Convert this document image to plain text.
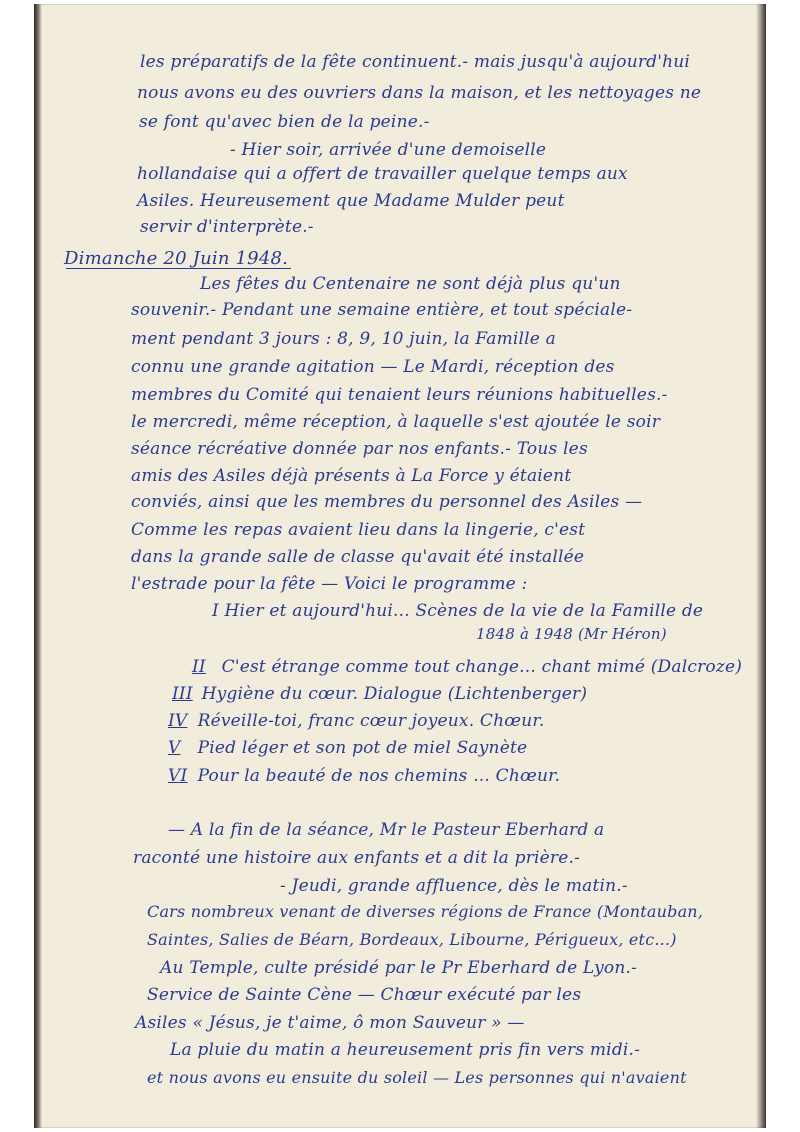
les préparatifs de la fête continuent.- mais jusqu'à aujourd'hui
nous avons eu des ouvriers dans la maison, et les nettoyages ne
se font qu'avec bien de la peine.-
- Hier soir, arrivée d'une demoiselle
hollandaise qui a offert de travailler quelque temps aux
Asiles. Heureusement que Madame Mulder peut
servir d'interprète.-
Dimanche 20 Juin 1948.
Les fêtes du Centenaire ne sont déjà plus qu'un
souvenir.- Pendant une semaine entière, et tout spéciale-
ment pendant 3 jours : 8, 9, 10 juin, la Famille a
connu une grande agitation — Le Mardi, réception des
membres du Comité qui tenaient leurs réunions habituelles.-
le mercredi, même réception, à laquelle s'est ajoutée le soir
séance récréative donnée par nos enfants.- Tous les
amis des Asiles déjà présents à La Force y étaient
conviés, ainsi que les membres du personnel des Asiles —
Comme les repas avaient lieu dans la lingerie, c'est
dans la grande salle de classe qu'avait été installée
l'estrade pour la fête — Voici le programme :
I Hier et aujourd'hui... Scènes de la vie de la Famille de
1848 à 1948 (Mr Héron)
II C'est étrange comme tout change... chant mimé (Dalcroze)
III Hygiène du cœur. Dialogue (Lichtenberger)
IV Réveille-toi, franc cœur joyeux. Chœur.
V Pied léger et son pot de miel Saynète
VI Pour la beauté de nos chemins ... Chœur.
— A la fin de la séance, Mr le Pasteur Eberhard a
raconté une histoire aux enfants et a dit la prière.-
- Jeudi, grande affluence, dès le matin.-
Cars nombreux venant de diverses régions de France (Montauban,
Saintes, Salies de Béarn, Bordeaux, Libourne, Périgueux, etc...)
Au Temple, culte présidé par le Pr Eberhard de Lyon.-
Service de Sainte Cène — Chœur exécuté par les
Asiles « Jésus, je t'aime, ô mon Sauveur » —
La pluie du matin a heureusement pris fin vers midi.-
et nous avons eu ensuite du soleil — Les personnes qui n'avaient
